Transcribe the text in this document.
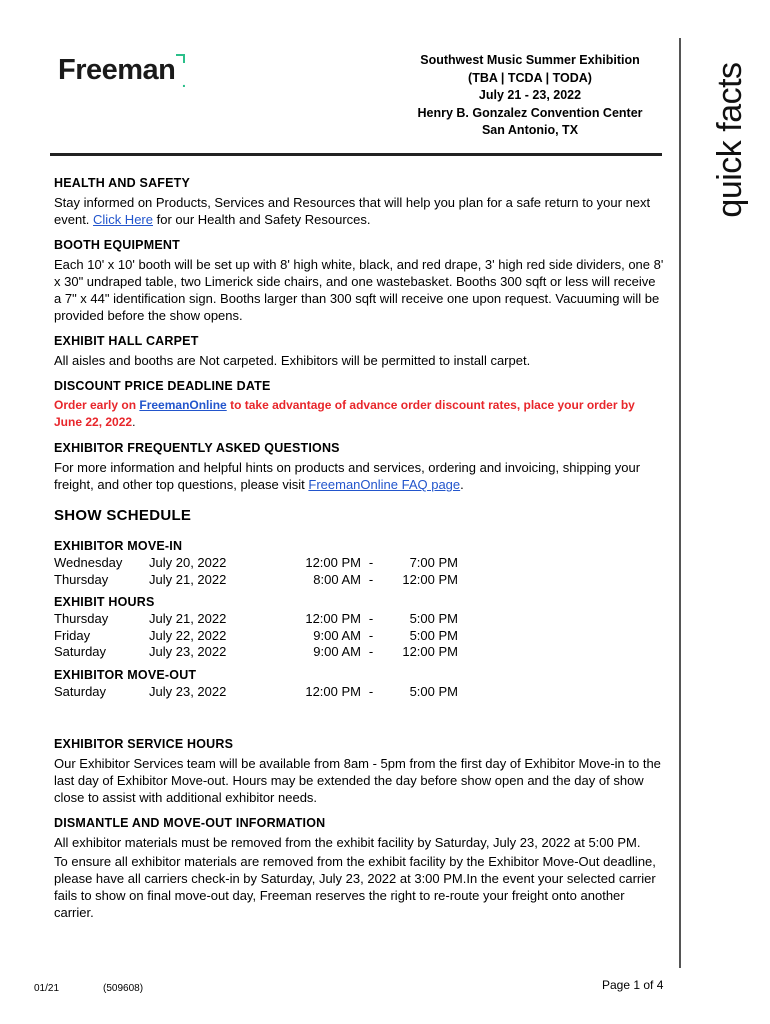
Freeman .
Southwest Music Summer Exhibition
(TBA | TCDA | TODA)
July 21 - 23, 2022
Henry B. Gonzalez Convention Center
San Antonio, TX	quick facts
HEALTH AND SAFETY
Stay informed on Products, Services and Resources that will help you plan for a safe return to your next event. Click Here for our Health and Safety Resources.
BOOTH EQUIPMENT
Each 10' x 10' booth will be set up with 8' high white, black, and red drape, 3' high red side dividers, one 8' x 30" undraped table, two Limerick side chairs, and one wastebasket. Booths 300 sqft or less will receive a 7" x 44" identification sign. Booths larger than 300 sqft will receive one upon request. Vacuuming will be provided before the show opens.
EXHIBIT HALL CARPET
All aisles and booths are Not carpeted. Exhibitors will be permitted to install carpet.
DISCOUNT PRICE DEADLINE DATE
Order early on FreemanOnline to take advantage of advance order discount rates, place your order by June 22, 2022.
EXHIBITOR FREQUENTLY ASKED QUESTIONS
For more information and helpful hints on products and services, ordering and invoicing, shipping your freight, and other top questions, please visit FreemanOnline FAQ page.
SHOW SCHEDULE
EXHIBITOR MOVE-IN
Wednesday	July 20, 2022	12:00 PM	-	7:00 PM
Thursday	July 21, 2022	8:00 AM	-	12:00 PM
EXHIBIT HOURS
Thursday	July 21, 2022	12:00 PM	-	5:00 PM
Friday	July 22, 2022	9:00 AM	-	5:00 PM
Saturday	July 23, 2022	9:00 AM	-	12:00 PM
EXHIBITOR MOVE-OUT
Saturday	July 23, 2022	12:00 PM	-	5:00 PM
EXHIBITOR SERVICE HOURS
Our Exhibitor Services team will be available from 8am - 5pm from the first day of Exhibitor Move-in to the last day of Exhibitor Move-out. Hours may be extended the day before show open and the day of show close to assist with additional exhibitor needs.
DISMANTLE AND MOVE-OUT INFORMATION
All exhibitor materials must be removed from the exhibit facility by Saturday, July 23, 2022 at 5:00 PM.
To ensure all exhibitor materials are removed from the exhibit facility by the Exhibitor Move-Out deadline, please have all carriers check-in by Saturday, July 23, 2022 at 3:00 PM.In the event your selected carrier fails to show on final move-out day, Freeman reserves the right to re-route your freight onto another carrier.
01/21	(509608)	Page 1 of 4
